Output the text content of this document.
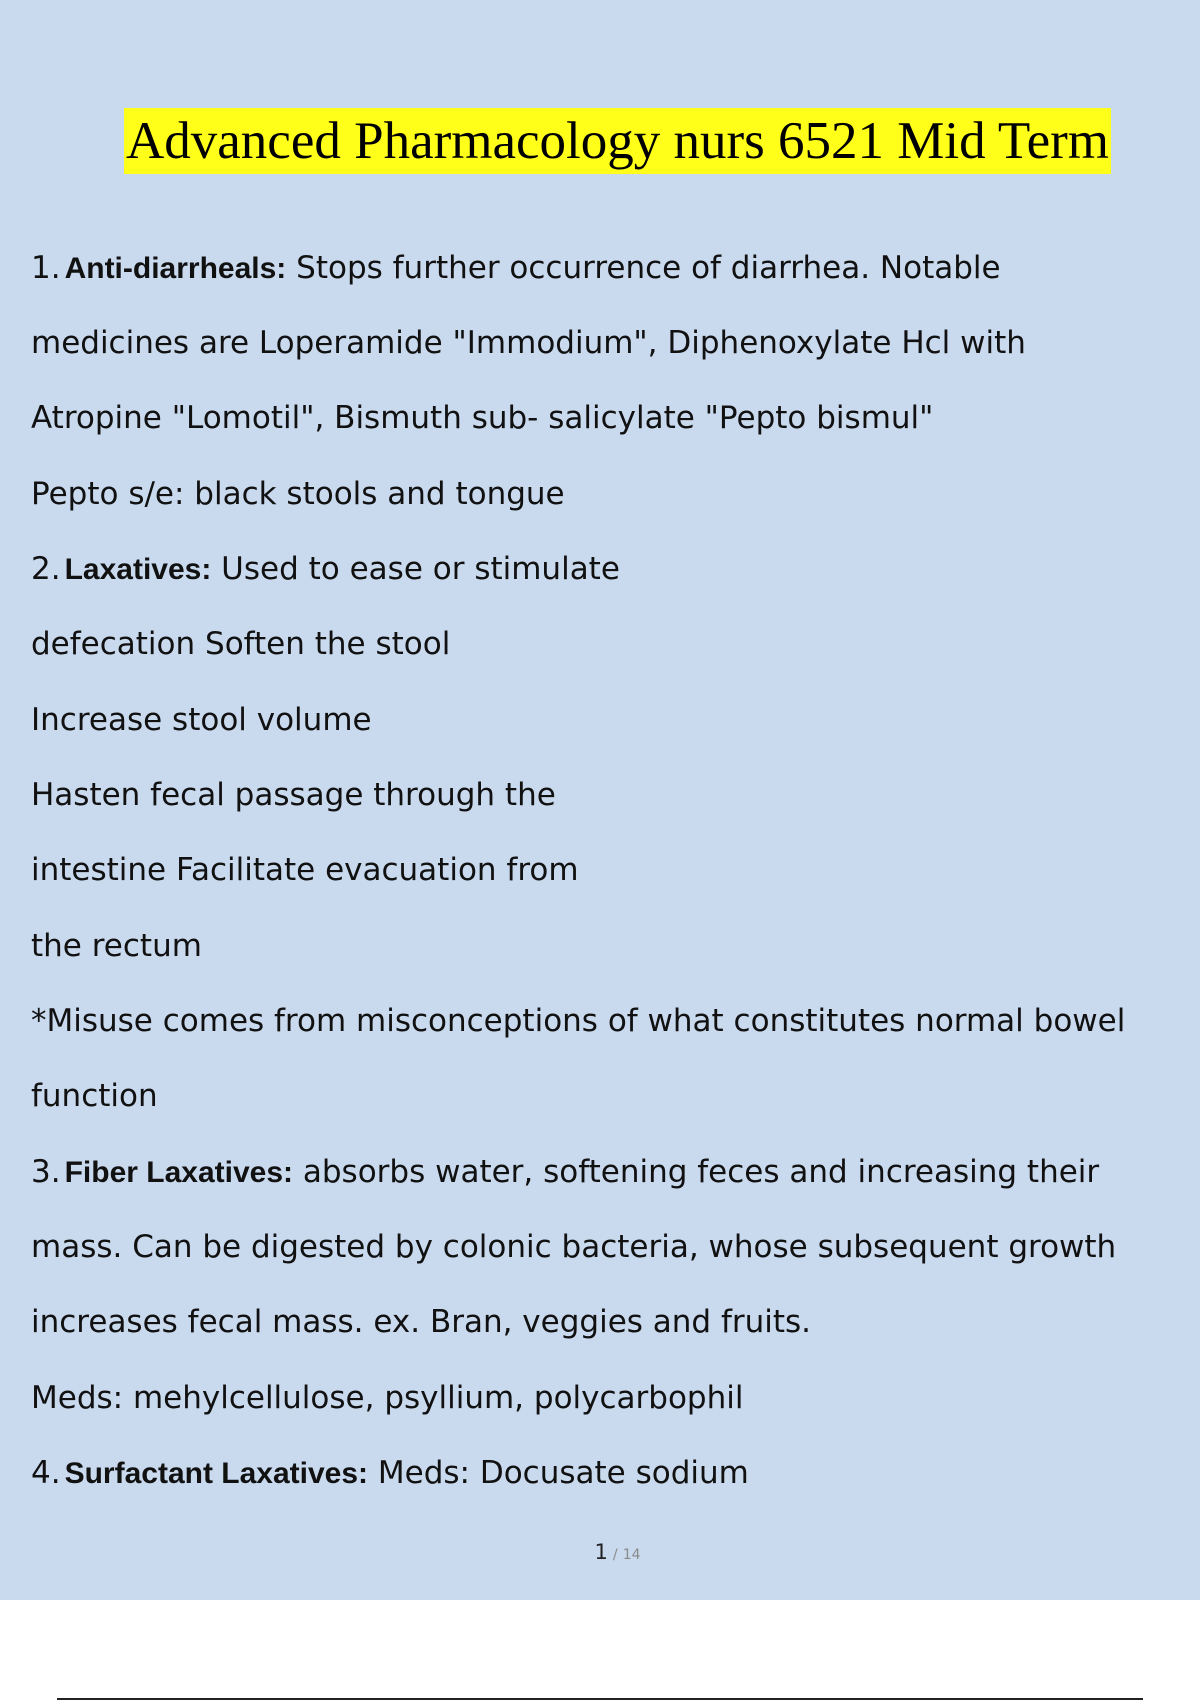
Advanced Pharmacology nurs 6521 Mid Term
1. Anti-diarrheals: Stops further occurrence of diarrhea. Notable
medicines are Loperamide "Immodium", Diphenoxylate Hcl with
Atropine "Lomotil", Bismuth sub- salicylate "Pepto bismul"
Pepto s/e: black stools and tongue
2. Laxatives: Used to ease or stimulate
defecation Soften the stool
Increase stool volume
Hasten fecal passage through the
intestine Facilitate evacuation from
the rectum
*Misuse comes from misconceptions of what constitutes normal bowel
function
3. Fiber Laxatives: absorbs water, softening feces and increasing their
mass. Can be digested by colonic bacteria, whose subsequent growth
increases fecal mass. ex. Bran, veggies and fruits.
Meds: mehylcellulose, psyllium, polycarbophil
4. Surfactant Laxatives: Meds: Docusate sodium
1 / 14
